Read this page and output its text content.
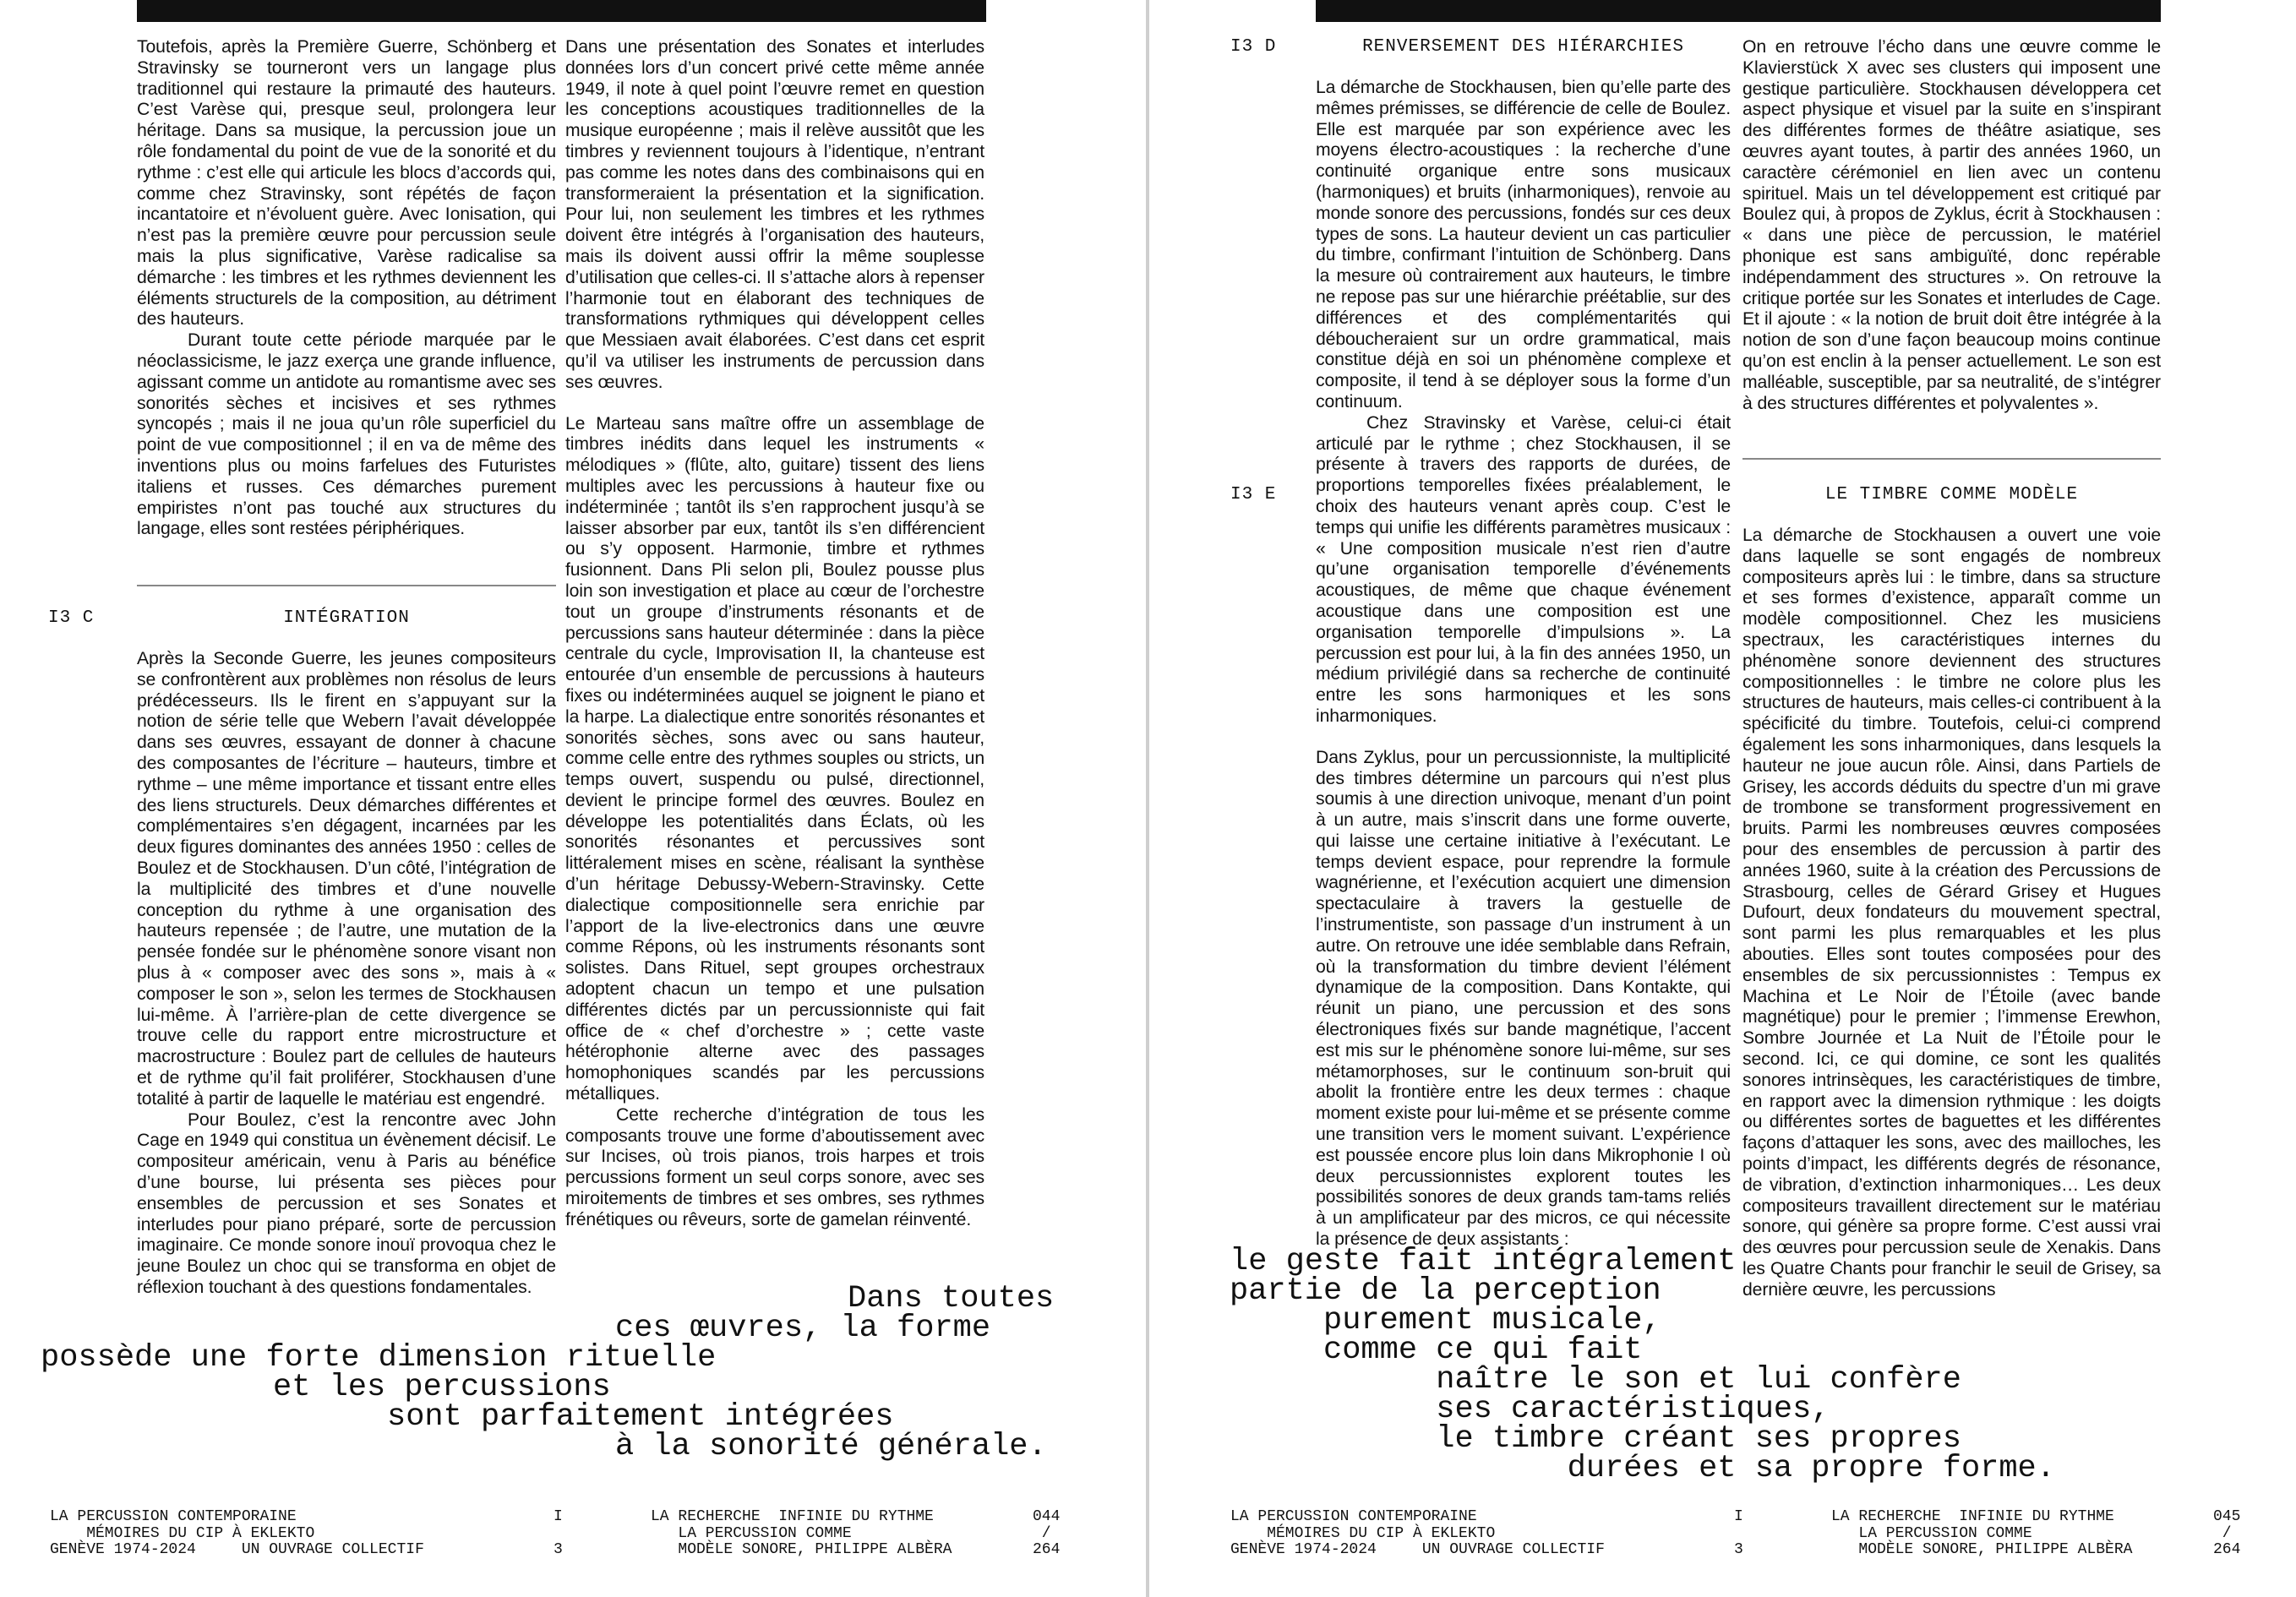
Toutefois, après la Première Guerre, Schönberg et Stravinsky se tourneront vers un langage plus traditionnel qui restaure la primauté des hauteurs. C’est Varèse qui, presque seul, prolongera leur héritage. Dans sa musique, la percussion joue un rôle fondamental du point de vue de la sonorité et du rythme : c’est elle qui articule les blocs d’accords qui, comme chez Stravinsky, sont répétés de façon incantatoire et n’évoluent guère. Avec Ionisation, qui n’est pas la première œuvre pour percussion seule mais la plus significative, Varèse radicalise sa démarche : les timbres et les rythmes deviennent les éléments structurels de la composition, au détriment des hauteurs.

Durant toute cette période marquée par le néoclassicisme, le jazz exerça une grande influence, agissant comme un antidote au romantisme avec ses sonorités sèches et incisives et ses rythmes syncopés ; mais il ne joua qu’un rôle superficiel du point de vue compositionnel ; il en va de même des inventions plus ou moins farfelues des Futuristes italiens et russes. Ces démarches purement empiristes n’ont pas touché aux structures du langage, elles sont restées périphériques.

I3 C	INTÉGRATION

Après la Seconde Guerre, les jeunes compositeurs se confrontèrent aux problèmes non résolus de leurs prédécesseurs. Ils le firent en s’appuyant sur la notion de série telle que Webern l’avait développée dans ses œuvres, essayant de donner à chacune des composantes de l’écriture – hauteurs, timbre et rythme – une même importance et tissant entre elles des liens structurels. Deux démarches différentes et complémentaires s’en dégagent, incarnées par les deux figures dominantes des années 1950 : celles de Boulez et de Stockhausen. D’un côté, l’intégration de la multiplicité des timbres et d’une nouvelle conception du rythme à une organisation des hauteurs repensée ; de l’autre, une mutation de la pensée fondée sur le phénomène sonore visant non plus à « composer avec des sons », mais à « composer le son », selon les termes de Stockhausen lui-même. À l’arrière-plan de cette divergence se trouve celle du rapport entre microstructure et macrostructure : Boulez part de cellules de hauteurs et de rythme qu’il fait proliférer, Stockhausen d’une totalité à partir de laquelle le matériau est engendré.

Pour Boulez, c’est la rencontre avec John Cage en 1949 qui constitua un évènement décisif. Le compositeur américain, venu à Paris au bénéfice d’une bourse, lui présenta ses pièces pour ensembles de percussion et ses Sonates et interludes pour piano préparé, sorte de percussion imaginaire. Ce monde sonore inouï provoqua chez le jeune Boulez un choc qui se transforma en objet de réflexion touchant à des questions fondamentales.

Dans une présentation des Sonates et interludes données lors d’un concert privé cette même année 1949, il note à quel point l’œuvre remet en question les conceptions acoustiques traditionnelles de la musique européenne ; mais il relève aussitôt que les timbres y reviennent toujours à l’identique, n’entrant pas comme les notes dans des combinaisons qui en transformeraient la présentation et la signification. Pour lui, non seulement les timbres et les rythmes doivent être intégrés à l’organisation des hauteurs, mais ils doivent aussi offrir la même souplesse d’utilisation que celles-ci. Il s’attache alors à repenser l’harmonie tout en élaborant des techniques de transformations rythmiques qui développent celles que Messiaen avait élaborées. C’est dans cet esprit qu’il va utiliser les instruments de percussion dans ses œuvres.

Le Marteau sans maître offre un assemblage de timbres inédits dans lequel les instruments « mélodiques » (flûte, alto, guitare) tissent des liens multiples avec les percussions à hauteur fixe ou indéterminée ; tantôt ils s’en rapprochent jusqu’à se laisser absorber par eux, tantôt ils s’en différencient ou s’y opposent. Harmonie, timbre et rythmes fusionnent. Dans Pli selon pli, Boulez pousse plus loin son investigation et place au cœur de l’orchestre tout un groupe d’instruments résonants et de percussions sans hauteur déterminée : dans la pièce centrale du cycle, Improvisation II, la chanteuse est entourée d’un ensemble de percussions à hauteurs fixes ou indéterminées auquel se joignent le piano et la harpe. La dialectique entre sonorités résonantes et sonorités sèches, sons avec ou sans hauteur, comme celle entre des rythmes souples ou stricts, un temps ouvert, suspendu ou pulsé, directionnel, devient le principe formel des œuvres. Boulez en développe les potentialités dans Éclats, où les sonorités résonantes et percussives sont littéralement mises en scène, réalisant la synthèse d’un héritage Debussy-Webern-Stravinsky. Cette dialectique compositionnelle sera enrichie par l’apport de la live-electronics dans une œuvre comme Répons, où les instruments résonants sont solistes. Dans Rituel, sept groupes orchestraux adoptent chacun un tempo et une pulsation différentes dictés par un percussionniste qui fait office de « chef d’orchestre » ; cette vaste hétérophonie alterne avec des passages homophoniques scandés par les percussions métalliques.

Cette recherche d’intégration de tous les composants trouve une forme d’aboutissement avec sur Incises, où trois pianos, trois harpes et trois percussions forment un seul corps sonore, avec ses miroitements de timbres et ses ombres, ses rythmes frénétiques ou rêveurs, sorte de gamelan réinventé.

Dans toutes
ces œuvres, la forme
possède une forte dimension rituelle
et les percussions
sont parfaitement intégrées
à la sonorité générale.
LA PERCUSSION CONTEMPORAINE
MÉMOIRES DU CIP À EKLEKTO
GENÈVE 1974-2024     UN OUVRAGE COLLECTIF
I

3
LA RECHERCHE  INFINIE DU RYTHME
LA PERCUSSION COMME
MODÈLE SONORE, PHILIPPE ALBÈRA
044
/
264
I3 D	RENVERSEMENT DES HIÉRARCHIES

La démarche de Stockhausen, bien qu’elle parte des mêmes prémisses, se différencie de celle de Boulez. Elle est marquée par son expérience avec les moyens électro-acoustiques : la recherche d’une continuité organique entre sons musicaux (harmoniques) et bruits (inharmoniques), renvoie au monde sonore des percussions, fondés sur ces deux types de sons. La hauteur devient un cas particulier du timbre, confirmant l’intuition de Schönberg. Dans la mesure où contrairement aux hauteurs, le timbre ne repose pas sur une hiérarchie préétablie, sur des différences et des complémentarités qui déboucheraient sur un ordre grammatical, mais constitue déjà en soi un phénomène complexe et composite, il tend à se déployer sous la forme d’un continuum.

Chez Stravinsky et Varèse, celui-ci était articulé par le rythme ; chez Stockhausen, il se présente à travers des rapports de durées, de proportions temporelles fixées préalablement, le choix des hauteurs venant après coup. C’est le temps qui unifie les différents paramètres musicaux : « Une composition musicale n’est rien d’autre qu’une organisation temporelle d’événements acoustiques, de même que chaque événement acoustique dans une composition est une organisation temporelle d’impulsions ». La percussion est pour lui, à la fin des années 1950, un médium privilégié dans sa recherche de continuité entre les sons harmoniques et les sons inharmoniques.

Dans Zyklus, pour un percussionniste, la multiplicité des timbres détermine un parcours qui n’est plus soumis à une direction univoque, menant d’un point à un autre, mais s’inscrit dans une forme ouverte, qui laisse une certaine initiative à l’exécutant. Le temps devient espace, pour reprendre la formule wagnérienne, et l’exécution acquiert une dimension spectaculaire à travers la gestuelle de l’instrumentiste, son passage d’un instrument à un autre. On retrouve une idée semblable dans Refrain, où la transformation du timbre devient l’élément dynamique de la composition. Dans Kontakte, qui réunit un piano, une percussion et des sons électroniques fixés sur bande magnétique, l’accent est mis sur le phénomène sonore lui-même, sur ses métamorphoses, sur le continuum son-bruit qui abolit la frontière entre les deux termes : chaque moment existe pour lui-même et se présente comme une transition vers le moment suivant. L’expérience est poussée encore plus loin dans Mikrophonie I où deux percussionnistes explorent toutes les possibilités sonores de deux grands tam-tams reliés à un amplificateur par des micros, ce qui nécessite la présence de deux assistants :

On en retrouve l’écho dans une œuvre comme le Klavierstück X avec ses clusters qui imposent une gestique particulière. Stockhausen développera cet aspect physique et visuel par la suite en s’inspirant des différentes formes de théâtre asiatique, ses œuvres ayant toutes, à partir des années 1960, un caractère cérémoniel en lien avec un contenu spirituel. Mais un tel développement est critiqué par Boulez qui, à propos de Zyklus, écrit à Stockhausen : « dans une pièce de percussion, le matériel phonique est sans ambiguïté, donc repérable indépendamment des structures ». On retrouve la critique portée sur les Sonates et interludes de Cage. Et il ajoute : « la notion de bruit doit être intégrée à la notion de son d’une façon beaucoup moins continue qu’on est enclin à la penser actuellement. Le son est malléable, susceptible, par sa neutralité, de s’intégrer à des structures différentes et polyvalentes ».

I3 E	LE TIMBRE COMME MODÈLE

La démarche de Stockhausen a ouvert une voie dans laquelle se sont engagés de nombreux compositeurs après lui : le timbre, dans sa structure et ses formes d’existence, apparaît comme un modèle compositionnel. Chez les musiciens spectraux, les caractéristiques internes du phénomène sonore deviennent des structures compositionnelles : le timbre ne colore plus les structures de hauteurs, mais celles-ci contribuent à la spécificité du timbre. Toutefois, celui-ci comprend également les sons inharmoniques, dans lesquels la hauteur ne joue aucun rôle. Ainsi, dans Partiels de Grisey, les accords déduits du spectre d’un mi grave de trombone se transforment progressivement en bruits. Parmi les nombreuses œuvres composées pour des ensembles de percussion à partir des années 1960, suite à la création des Percussions de Strasbourg, celles de Gérard Grisey et Hugues Dufourt, deux fondateurs du mouvement spectral, sont parmi les plus remarquables et les plus abouties. Elles sont toutes composées pour des ensembles de six percussionnistes : Tempus ex Machina et Le Noir de l’Étoile (avec bande magnétique) pour le premier ; l’immense Erewhon, Sombre Journée et La Nuit de l’Étoile pour le second. Ici, ce qui domine, ce sont les qualités sonores intrinsèques, les caractéristiques de timbre, en rapport avec la dimension rythmique : les doigts ou différentes sortes de baguettes et les différentes façons d’attaquer les sons, avec des mailloches, les points d’impact, les différents degrés de résonance, de vibration, d’extinction inharmoniques… Les deux compositeurs travaillent directement sur le matériau sonore, qui génère sa propre forme. C’est aussi vrai des œuvres pour percussion seule de Xenakis. Dans les Quatre Chants pour franchir le seuil de Grisey, sa dernière œuvre, les percussions

le geste fait intégralement
partie de la perception
purement musicale,
comme ce qui fait
naître le son et lui confère
ses caractéristiques,
le timbre créant ses propres
durées et sa propre forme.
LA PERCUSSION CONTEMPORAINE
MÉMOIRES DU CIP À EKLEKTO
GENÈVE 1974-2024     UN OUVRAGE COLLECTIF
I

3
LA RECHERCHE  INFINIE DU RYTHME
LA PERCUSSION COMME
MODÈLE SONORE, PHILIPPE ALBÈRA
045
/
264
